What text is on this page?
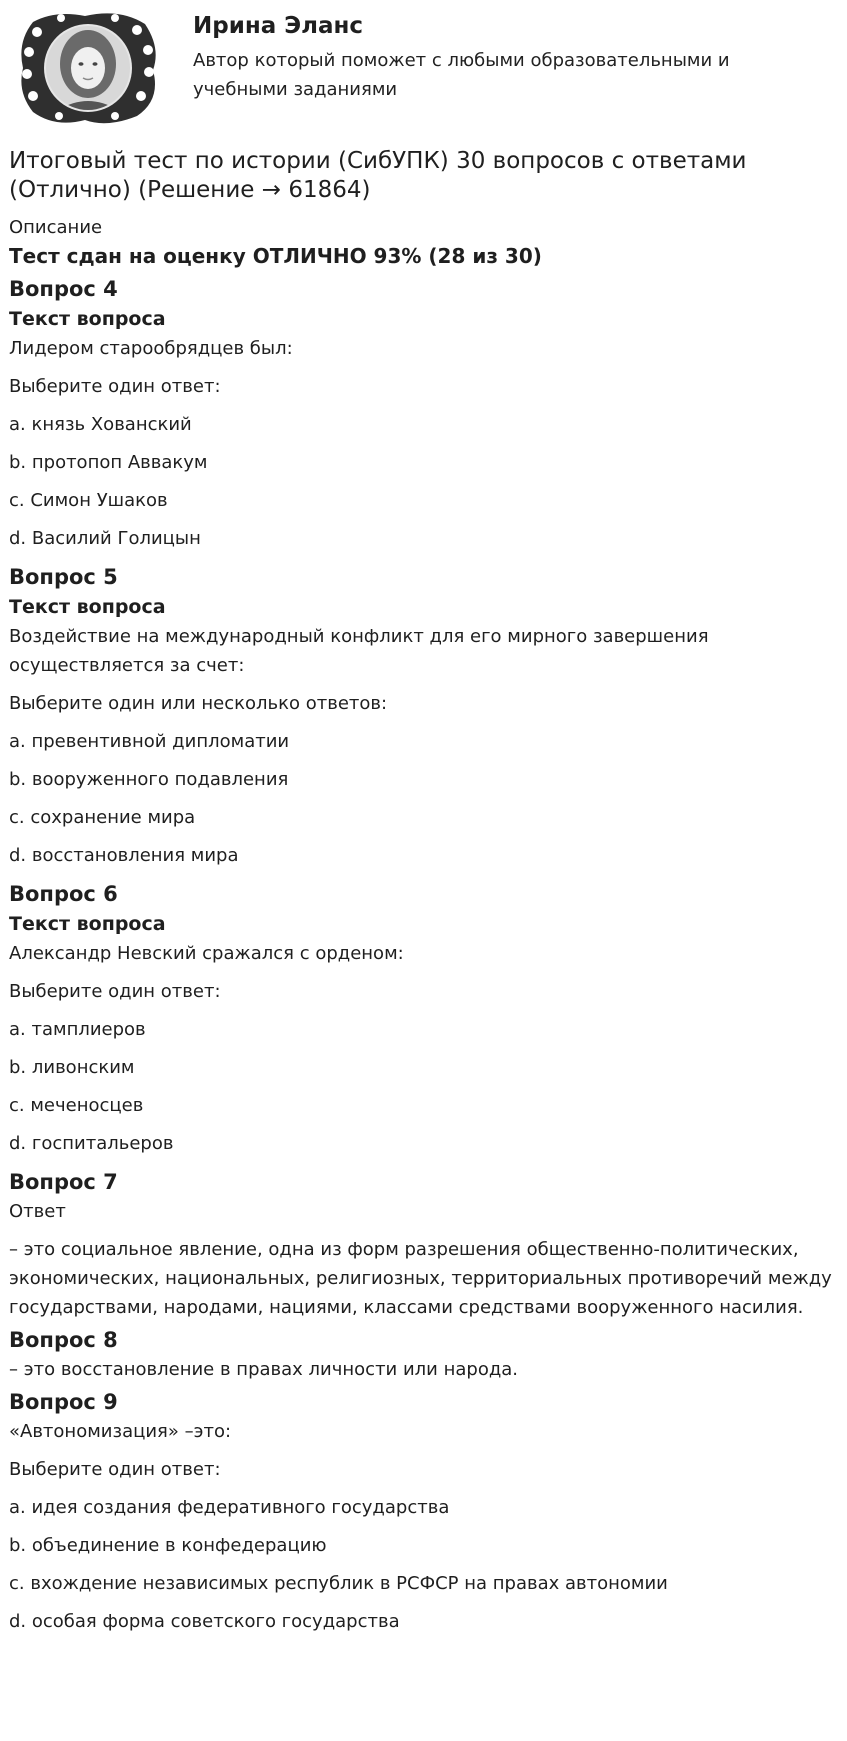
Ирина Эланс

Автор который поможет с любыми образовательными и учебными заданиями

Итоговый тест по истории (СибУПК) 30 вопросов с ответами (Отлично) (Решение → 61864)

Описание

Тест сдан на оценку ОТЛИЧНО 93% (28 из 30)

Вопрос 4

Текст вопроса

Лидером старообрядцев был:

Выберите один ответ:

a. князь Хованский

b. протопоп Аввакум

c. Симон Ушаков

d. Василий Голицын

Вопрос 5

Текст вопроса

Воздействие на международный конфликт для его мирного завершения осуществляется за счет:

Выберите один или несколько ответов:

a. превентивной дипломатии

b. вооруженного подавления

c. сохранение мира

d. восстановления мира

Вопрос 6

Текст вопроса

Александр Невский сражался с орденом:

Выберите один ответ:

a. тамплиеров

b. ливонским

c. меченосцев

d. госпитальеров

Вопрос 7

Ответ

– это социальное явление, одна из форм разрешения общественно-политических, экономических, национальных, религиозных, территориальных противоречий между государствами, народами, нациями, классами средствами вооруженного насилия.

Вопрос 8

– это восстановление в правах личности или народа.

Вопрос 9

«Автономизация» –это:

Выберите один ответ:

a. идея создания федеративного государства

b. объединение в конфедерацию

c. вхождение независимых республик в РСФСР на правах автономии

d. особая форма советского государства
